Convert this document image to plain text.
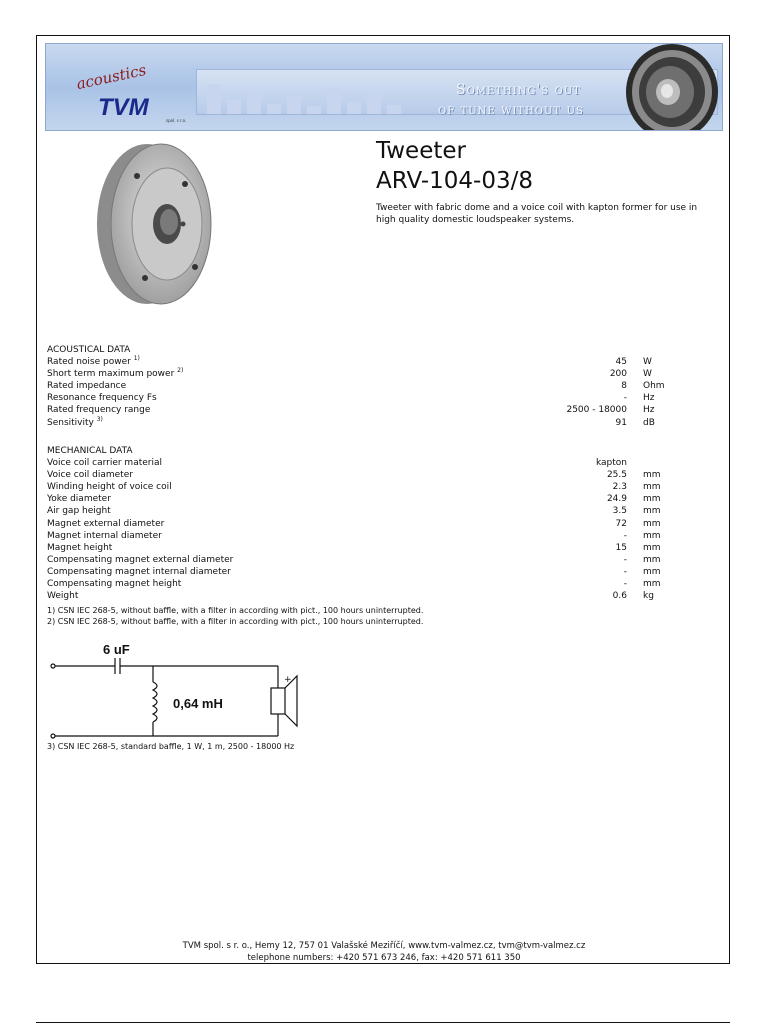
acoustics
TVM	spol. s r.o.
Something's out
of tune without us
Tweeter
ARV-104-03/8
Tweeter with fabric dome and a voice coil with kapton former for use in high quality domestic loudspeaker systems.
ACOUSTICAL DATA
Rated noise power $^{1)}$	45 W
Short term maximum power $^{2)}$	200 W
Rated impedance	8 Ohm
Resonance frequency Fs	- Hz
Rated frequency range	2500 - 18000 Hz
Sensitivity $^{3)}$	91 dB
MECHANICAL DATA
Voice coil carrier material	kapton
Voice coil diameter	25.5 mm
Winding height of voice coil	2.3 mm
Yoke diameter	24.9 mm
Air gap height	3.5 mm
Magnet external diameter	72 mm
Magnet internal diameter	- mm
Magnet height	15 mm
Compensating magnet external diameter	- mm
Compensating magnet internal diameter	- mm
Compensating magnet height	- mm
Weight	0.6 kg
1) CSN IEC 268-5, without baffle, with a filter in according with pict., 100 hours uninterrupted.
2) CSN IEC 268-5, without baffle, with a filter in according with pict., 100 hours uninterrupted.
6 uF
0,64 mH
+
3) CSN IEC 268-5, standard baffle, 1 W, 1 m, 2500 - 18000 Hz
TVM spol. s r. o., Hemy 12, 757 01 Valašské Meziříčí, www.tvm-valmez.cz, tvm@tvm-valmez.cz
telephone numbers: +420 571 673 246, fax: +420 571 611 350
